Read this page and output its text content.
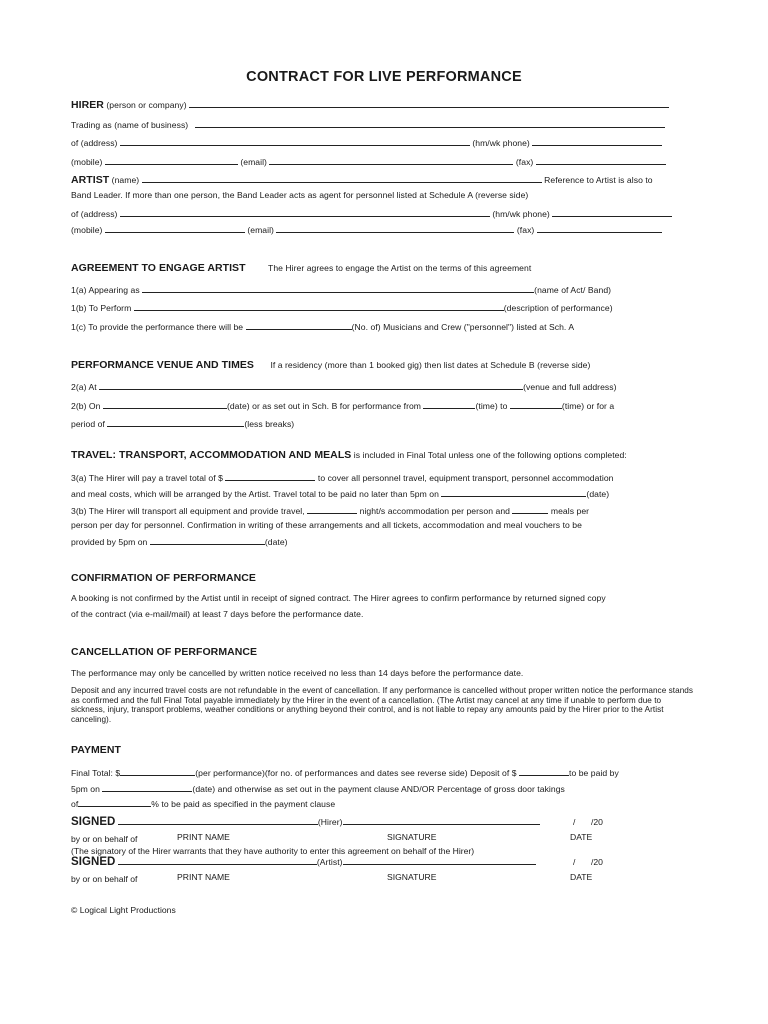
CONTRACT FOR LIVE PERFORMANCE
HIRER (person or company)
Trading as (name of business)
of (address)	(hm/wk phone)
(mobile)	(email)	(fax)
ARTIST (name)	Reference to Artist is also to
Band Leader. If more than one person, the Band Leader acts as agent for personnel listed at Schedule A (reverse side)
of (address)	(hm/wk phone)
(mobile)	(email)	(fax)
AGREEMENT TO ENGAGE ARTIST	The Hirer agrees to engage the Artist on the terms of this agreement
1(a) Appearing as	(name of Act/ Band)
1(b) To Perform	(description of performance)
1(c) To provide the performance there will be	(No. of) Musicians and Crew ("personnel") listed at Sch. A
PERFORMANCE VENUE AND TIMES If a residency (more than 1 booked gig) then list dates at Schedule B (reverse side)
2(a) At	(venue and full address)
2(b) On	(date) or as set out in Sch. B for performance from	(time) to	(time) or for a
period of	(less breaks)
TRAVEL: TRANSPORT, ACCOMMODATION AND MEALS is included in Final Total unless one of the following options completed:
3(a) The Hirer will pay a travel total of $	to cover all personnel travel, equipment transport, personnel accommodation
and meal costs, which will be arranged by the Artist. Travel total to be paid no later than 5pm on	(date)
3(b) The Hirer will transport all equipment and provide travel,	night/s accommodation per person and	meals per
person per day for personnel. Confirmation in writing of these arrangements and all tickets, accommodation and meal vouchers to be
provided by 5pm on	(date)
CONFIRMATION OF PERFORMANCE
A booking is not confirmed by the Artist until in receipt of signed contract. The Hirer agrees to confirm performance by returned signed copy
of the contract (via e-mail/mail) at least 7 days before the performance date.
CANCELLATION OF PERFORMANCE
The performance may only be cancelled by written notice received no less than 14 days before the performance date.
Deposit and any incurred travel costs are not refundable in the event of cancellation. If any performance is cancelled without proper written notice the performance stands as confirmed and the full Final Total payable immediately by the Hirer in the event of a cancellation. (The Artist may cancel at any time if unable to perform due to sickness, injury, transport problems, weather conditions or anything beyond their control, and is not liable to repay any amounts paid by the Hirer prior to the Artist canceling).
PAYMENT
Final Total: $	(per performance)(for no. of performances and dates see reverse side) Deposit of $	to be paid by
5pm on	(date) and otherwise as set out in the payment clause AND/OR Percentage of gross door takings
of	% to be paid as specified in the payment clause
SIGNED	(Hirer)	/ /20
by or on behalf of	PRINT NAME	SIGNATURE	DATE
(The signatory of the Hirer warrants that they have authority to enter this agreement on behalf of the Hirer)
SIGNED	(Artist)	/ /20
by or on behalf of	PRINT NAME	SIGNATURE	DATE
© Logical Light Productions
